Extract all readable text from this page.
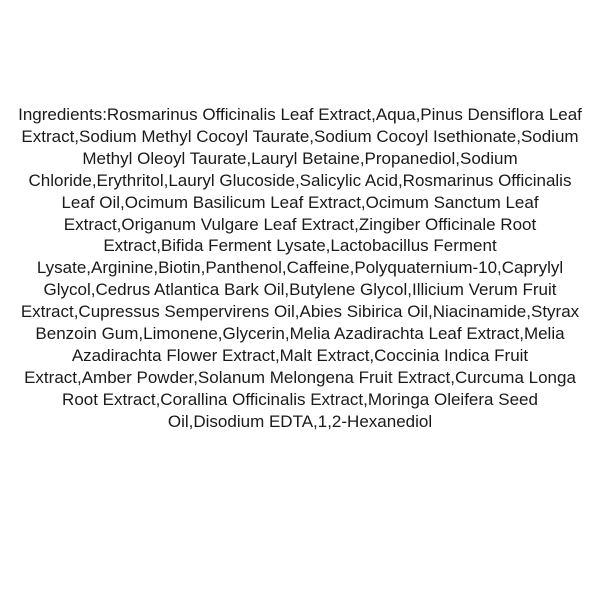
Ingredients:Rosmarinus Officinalis Leaf Extract,Aqua,Pinus Densiflora Leaf Extract,Sodium Methyl Cocoyl Taurate,Sodium Cocoyl Isethionate,Sodium Methyl Oleoyl Taurate,Lauryl Betaine,Propanediol,Sodium Chloride,Erythritol,Lauryl Glucoside,Salicylic Acid,Rosmarinus Officinalis Leaf Oil,Ocimum Basilicum Leaf Extract,Ocimum Sanctum Leaf Extract,Origanum Vulgare Leaf Extract,Zingiber Officinale Root Extract,Bifida Ferment Lysate,Lactobacillus Ferment Lysate,Arginine,Biotin,Panthenol,Caffeine,Polyquaternium-10,Caprylyl Glycol,Cedrus Atlantica Bark Oil,Butylene Glycol,Illicium Verum Fruit Extract,Cupressus Sempervirens Oil,Abies Sibirica Oil,Niacinamide,Styrax Benzoin Gum,Limonene,Glycerin,Melia Azadirachta Leaf Extract,Melia Azadirachta Flower Extract,Malt Extract,Coccinia Indica Fruit Extract,Amber Powder,Solanum Melongena Fruit Extract,Curcuma Longa Root Extract,Corallina Officinalis Extract,Moringa Oleifera Seed Oil,Disodium EDTA,1,2-Hexanediol
